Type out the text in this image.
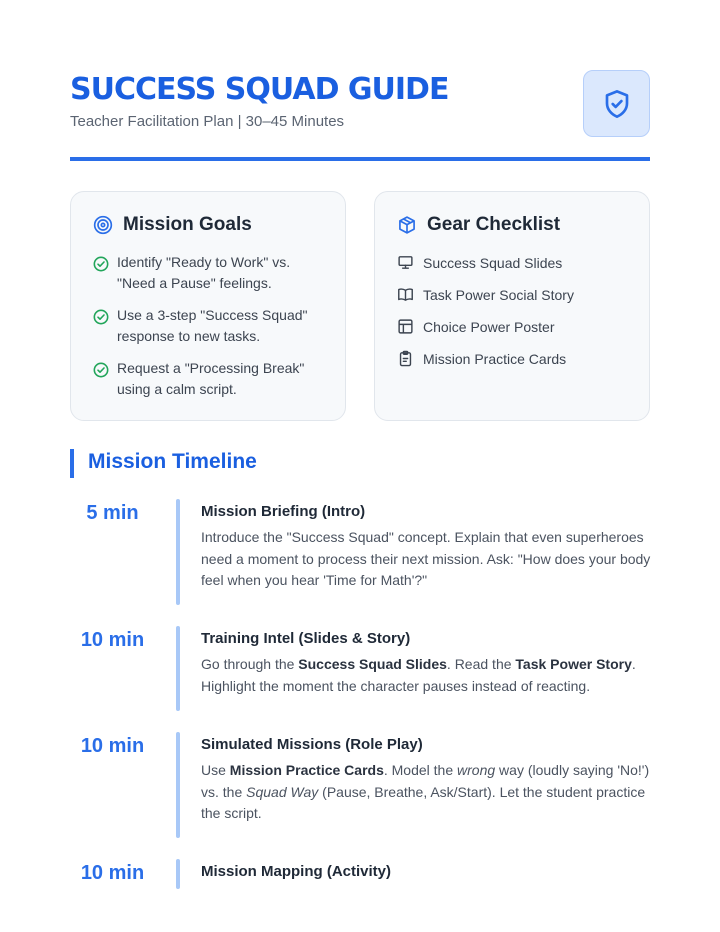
SUCCESS SQUAD GUIDE
Teacher Facilitation Plan | 30–45 Minutes
Mission Goals
Identify "Ready to Work" vs. "Need a Pause" feelings.
Use a 3-step "Success Squad" response to new tasks.
Request a "Processing Break" using a calm script.
Gear Checklist
Success Squad Slides
Task Power Social Story
Choice Power Poster
Mission Practice Cards
Mission Timeline
5 min	Mission Briefing (Intro)
Introduce the "Success Squad" concept. Explain that even superheroes need a moment to process their next mission. Ask: "How does your body feel when you hear 'Time for Math'?"
10 min	Training Intel (Slides & Story)
Go through the Success Squad Slides. Read the Task Power Story. Highlight the moment the character pauses instead of reacting.
10 min	Simulated Missions (Role Play)
Use Mission Practice Cards. Model the wrong way (loudly saying 'No!') vs. the Squad Way (Pause, Breathe, Ask/Start). Let the student practice the script.
10 min	Mission Mapping (Activity)
